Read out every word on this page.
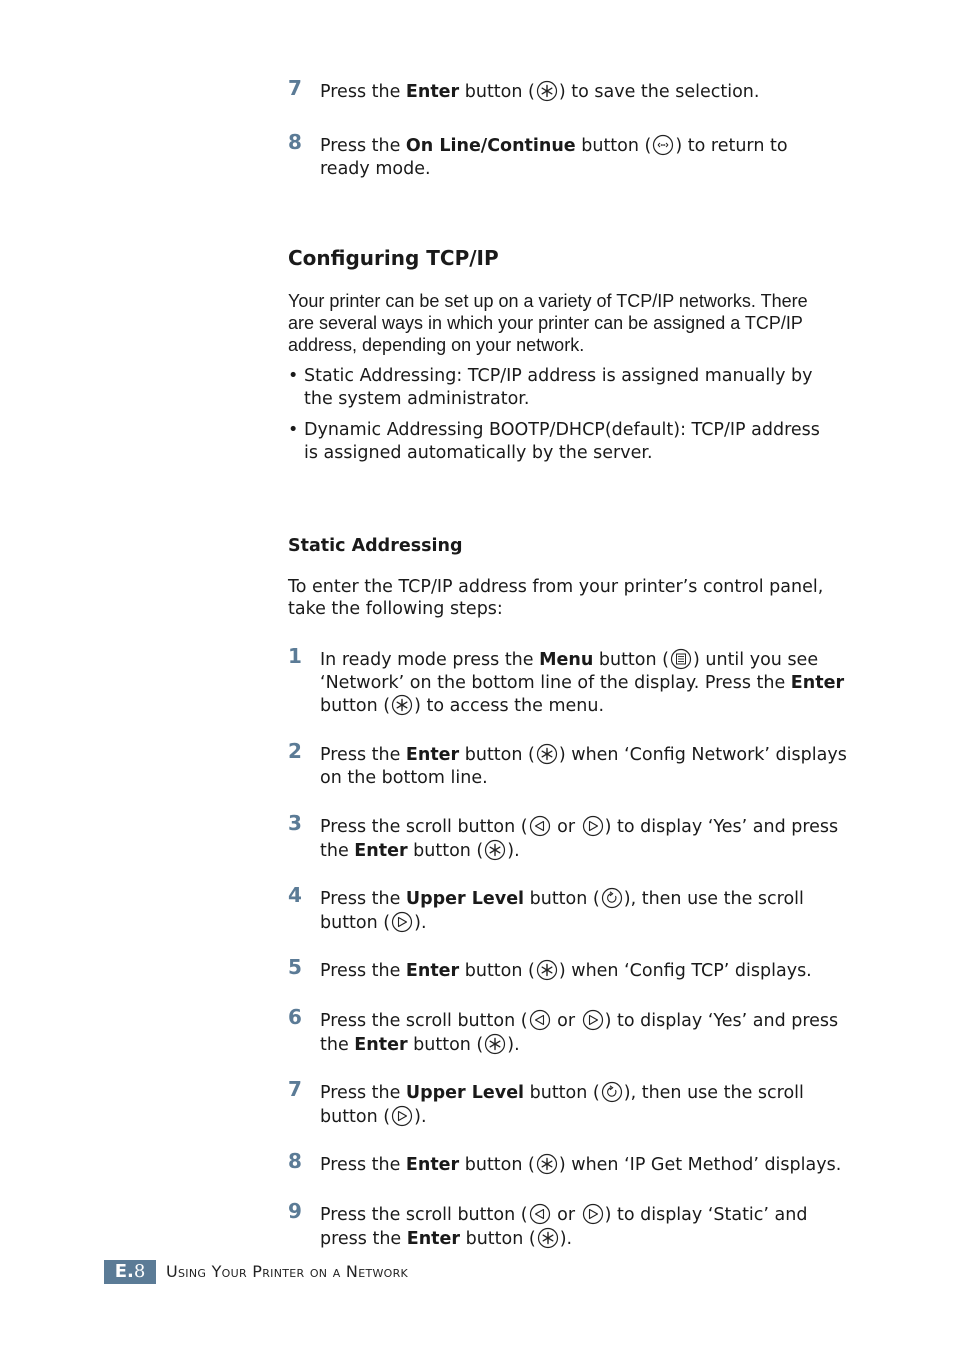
7 Press the Enter button ( ) to save the selection.
8 Press the On Line/Continue button ( ) to return to
ready mode.
Configuring TCP/IP
Your printer can be set up on a variety of TCP/IP networks. There
are several ways in which your printer can be assigned a TCP/IP
address, depending on your network.
• Static Addressing: TCP/IP address is assigned manually by
the system administrator.
• Dynamic Addressing BOOTP/DHCP(default): TCP/IP address
is assigned automatically by the server.
Static Addressing
To enter the TCP/IP address from your printer’s control panel,
take the following steps:
1 In ready mode press the Menu button ( ) until you see
‘Network’ on the bottom line of the display. Press the Enter
button ( ) to access the menu.
2 Press the Enter button ( ) when ‘Config Network’ displays
on the bottom line.
3 Press the scroll button (
or
) to display ‘Yes’ and press
the Enter button ( ).
4 Press the Upper Level button ( ), then use the scroll
button ( ).
5 Press the Enter button ( ) when ‘Config TCP’ displays.
6 Press the scroll button (
or
) to display ‘Yes’ and press
the Enter button ( ).
7 Press the Upper Level button ( ), then use the scroll
button ( ).
8 Press the Enter button ( ) when ‘IP Get Method’ displays.
9 Press the scroll button (
or
) to display ‘Static’ and
press the Enter button ( ).
E.8	Using Your Printer on a Network
